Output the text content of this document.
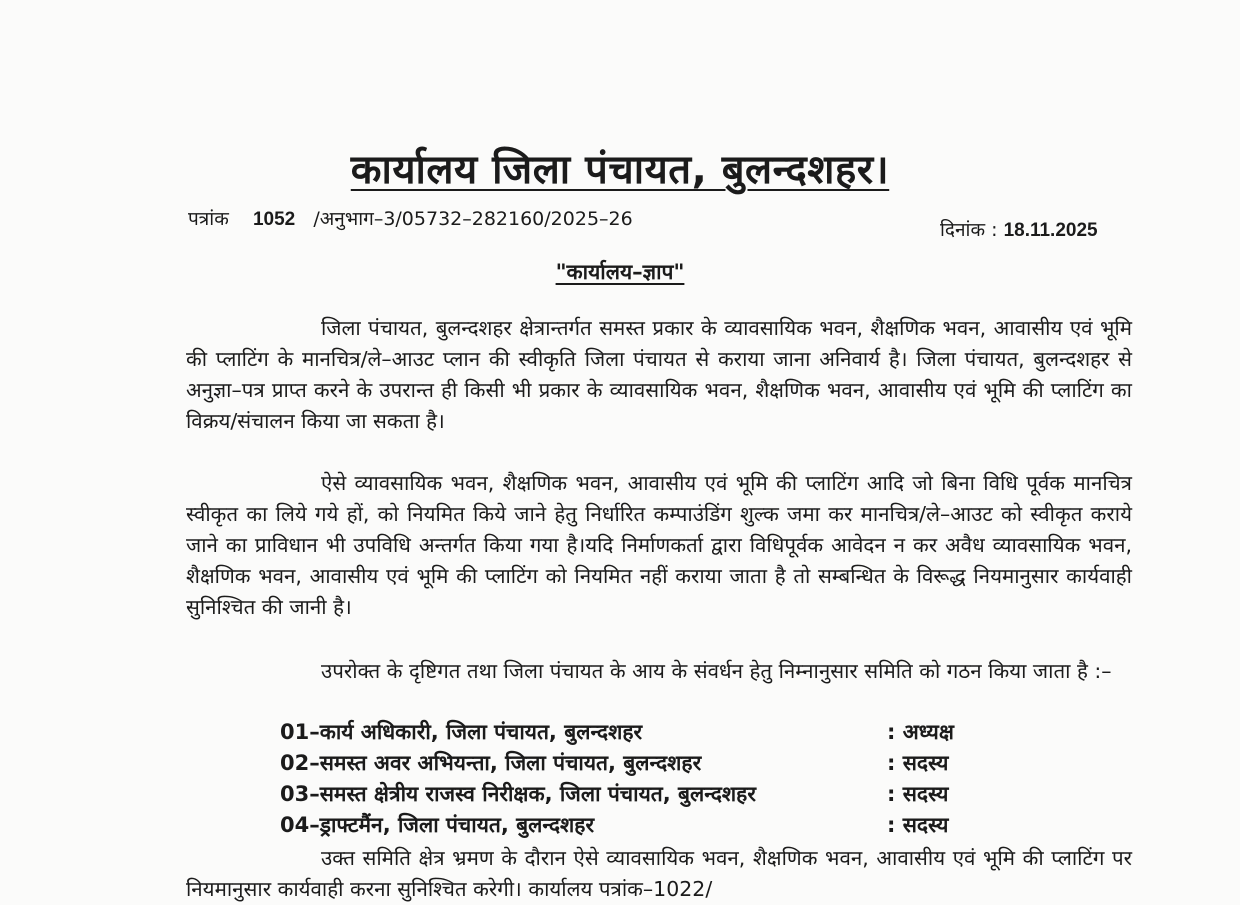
कार्यालय जिला पंचायत, बुलन्दशहर।
पत्रांक 1052 /अनुभाग–3/05732–282160/2025–26	दिनांक : 18.11.2025
"कार्यालय–ज्ञाप"

जिला पंचायत, बुलन्दशहर क्षेत्रान्तर्गत समस्त प्रकार के व्यावसायिक भवन, शैक्षणिक भवन, आवासीय एवं भूमि की प्लाटिंग के मानचित्र/ले–आउट प्लान की स्वीकृति जिला पंचायत से कराया जाना अनिवार्य है। जिला पंचायत, बुलन्दशहर से अनुज्ञा–पत्र प्राप्त करने के उपरान्त ही किसी भी प्रकार के व्यावसायिक भवन, शैक्षणिक भवन, आवासीय एवं भूमि की प्लाटिंग का विक्रय/संचालन किया जा सकता है।

ऐसे व्यावसायिक भवन, शैक्षणिक भवन, आवासीय एवं भूमि की प्लाटिंग आदि जो बिना विधि पूर्वक मानचित्र स्वीकृत का लिये गये हों, को नियमित किये जाने हेतु निर्धारित कम्पाउंडिंग शुल्क जमा कर मानचित्र/ले–आउट को स्वीकृत कराये जाने का प्राविधान भी उपविधि अन्तर्गत किया गया है।यदि निर्माणकर्ता द्वारा विधिपूर्वक आवेदन न कर अवैध व्यावसायिक भवन, शैक्षणिक भवन, आवासीय एवं भूमि की प्लाटिंग को नियमित नहीं कराया जाता है तो सम्बन्धित के विरूद्ध नियमानुसार कार्यवाही सुनिश्चित की जानी है।

उपरोक्त के दृष्टिगत तथा जिला पंचायत के आय के संवर्धन हेतु निम्नानुसार समिति को गठन किया जाता है :–

01–कार्य अधिकारी, जिला पंचायत, बुलन्दशहर	: अध्यक्ष
02–समस्त अवर अभियन्ता, जिला पंचायत, बुलन्दशहर	: सदस्य
03–समस्त क्षेत्रीय राजस्व निरीक्षक, जिला पंचायत, बुलन्दशहर	: सदस्य
04–ड्राफ्टमैंन, जिला पंचायत, बुलन्दशहर	: सदस्य

उक्त समिति क्षेत्र भ्रमण के दौरान ऐसे व्यावसायिक भवन, शैक्षणिक भवन, आवासीय एवं भूमि की प्लाटिंग पर नियमानुसार कार्यवाही करना सुनिश्चित करेगी। कार्यालय पत्रांक–1022/
